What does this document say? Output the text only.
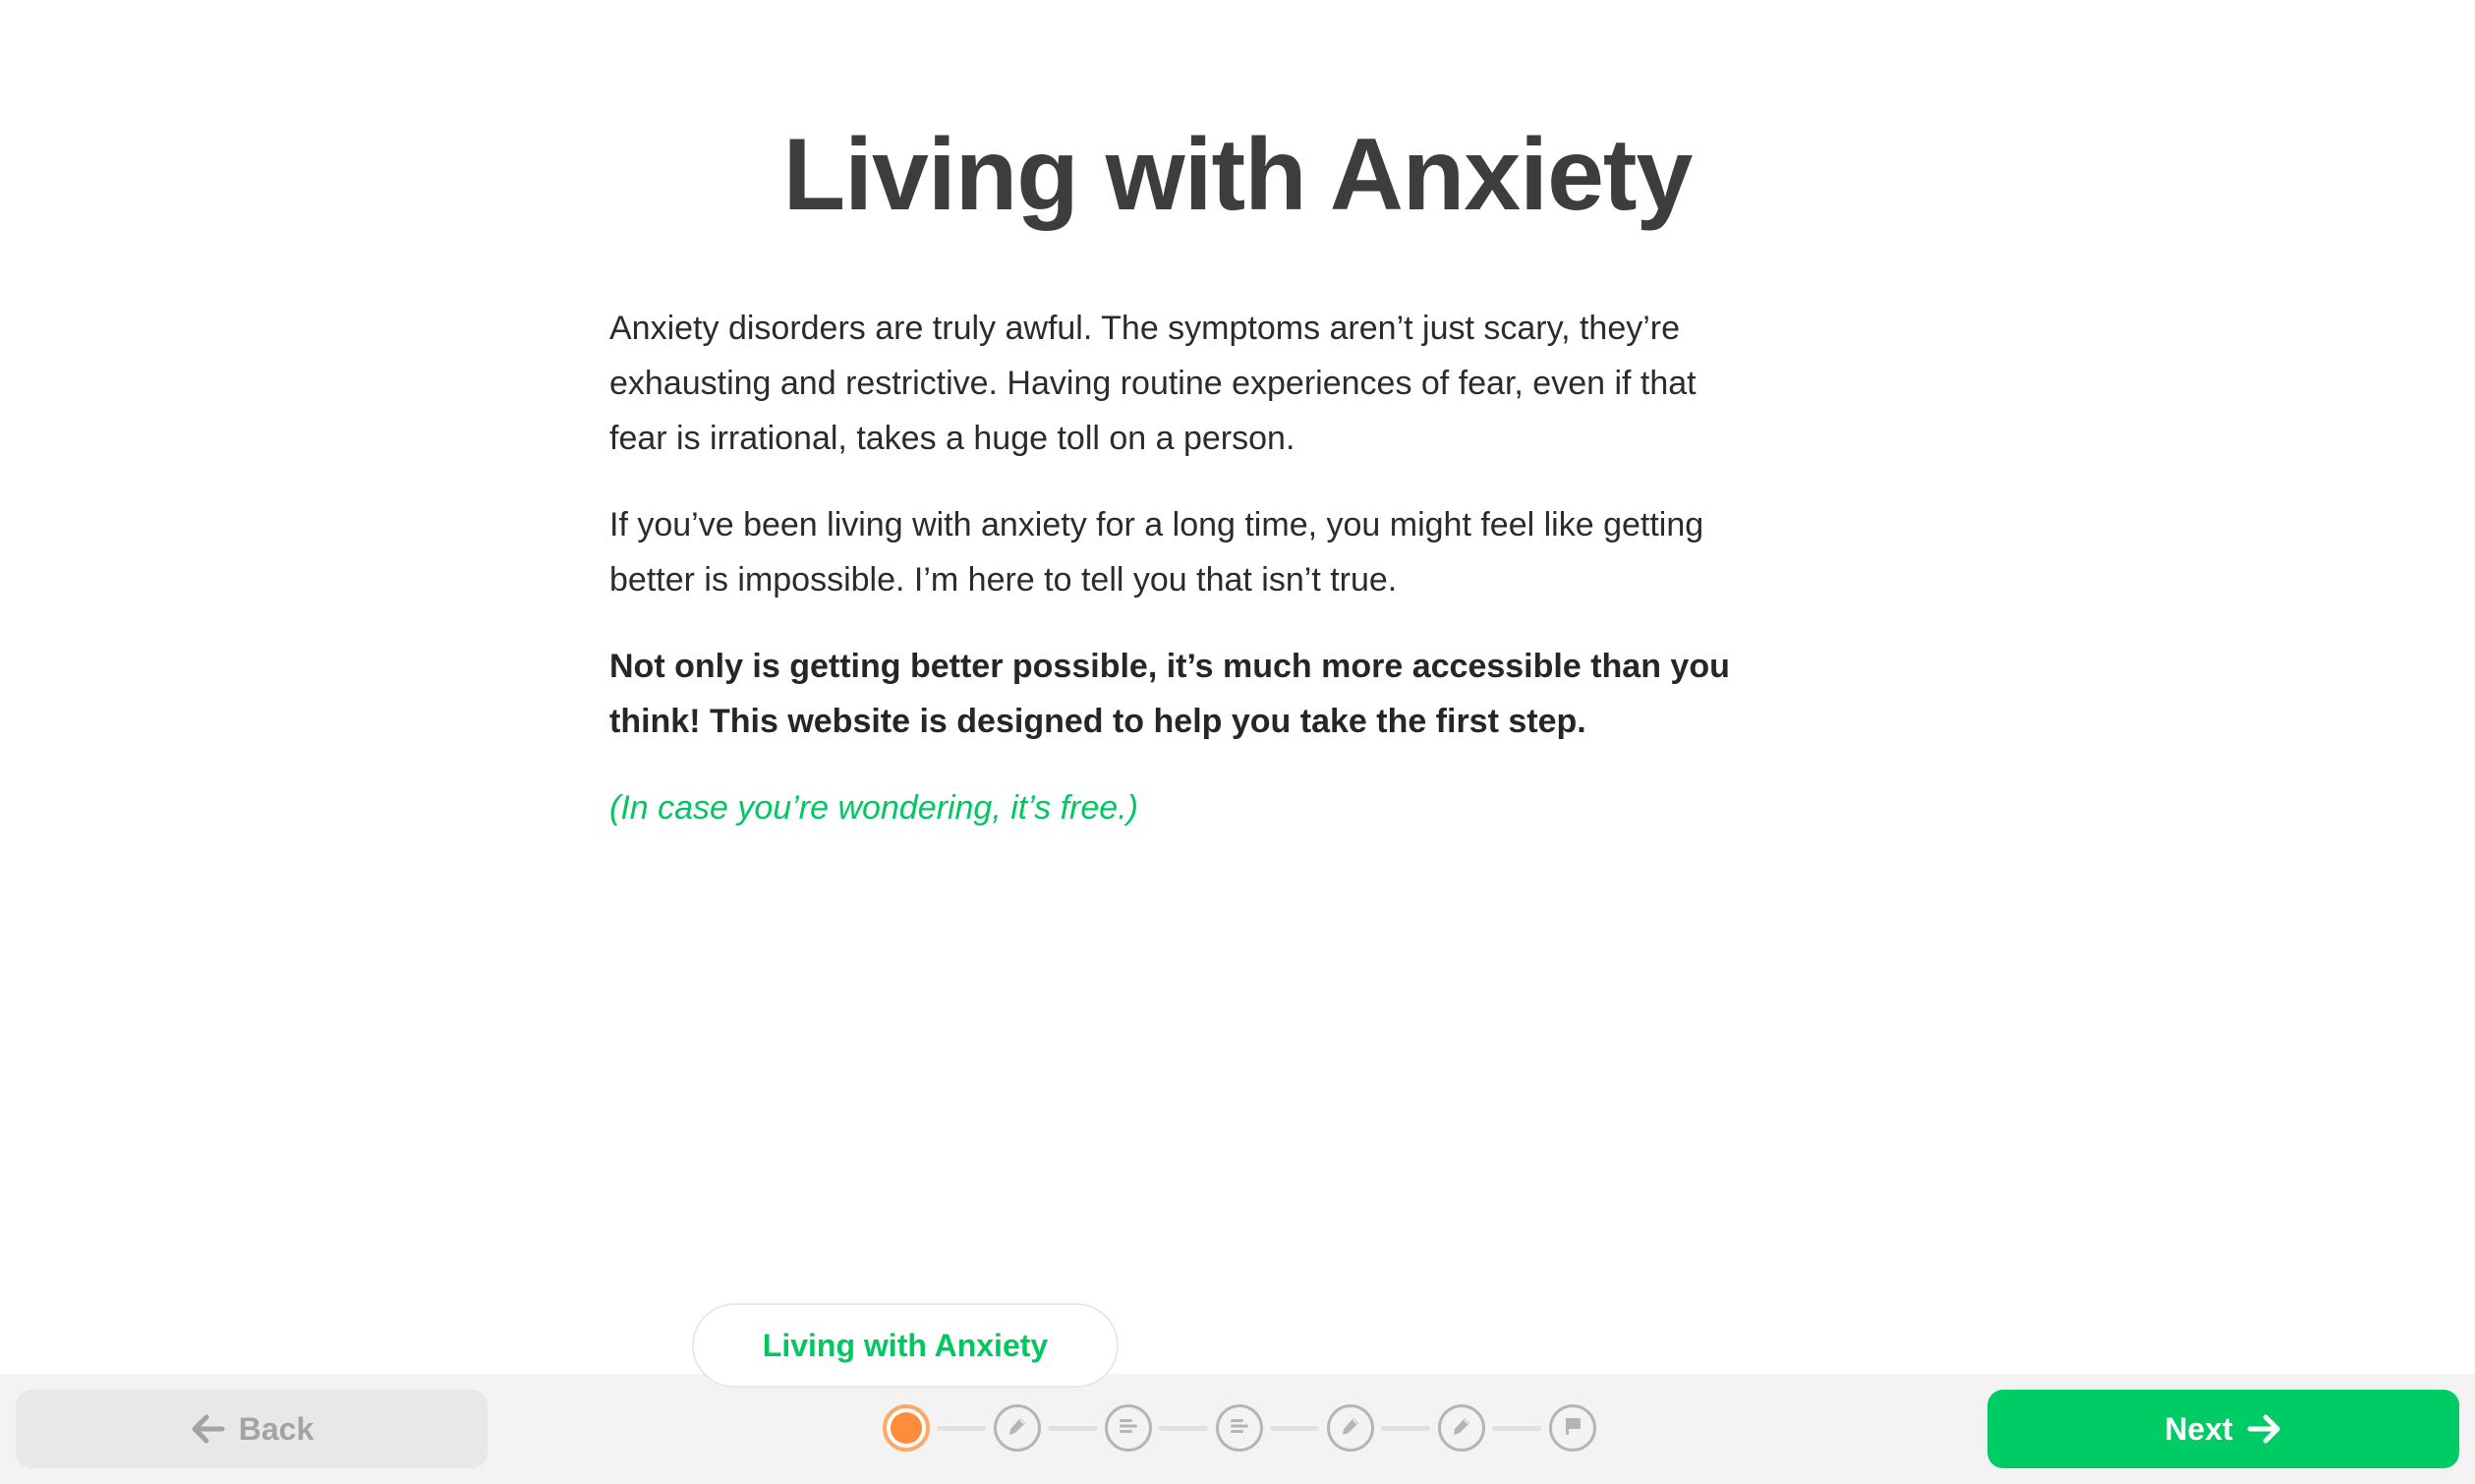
Living with Anxiety

Anxiety disorders are truly awful. The symptoms aren’t just scary, they’re
exhausting and restrictive. Having routine experiences of fear, even if that
fear is irrational, takes a huge toll on a person.

If you’ve been living with anxiety for a long time, you might feel like getting
better is impossible. I’m here to tell you that isn’t true.

Not only is getting better possible, it’s much more accessible than you
think! This website is designed to help you take the first step.

(In case you’re wondering, it’s free.)

Back	Next
Living with Anxiety
